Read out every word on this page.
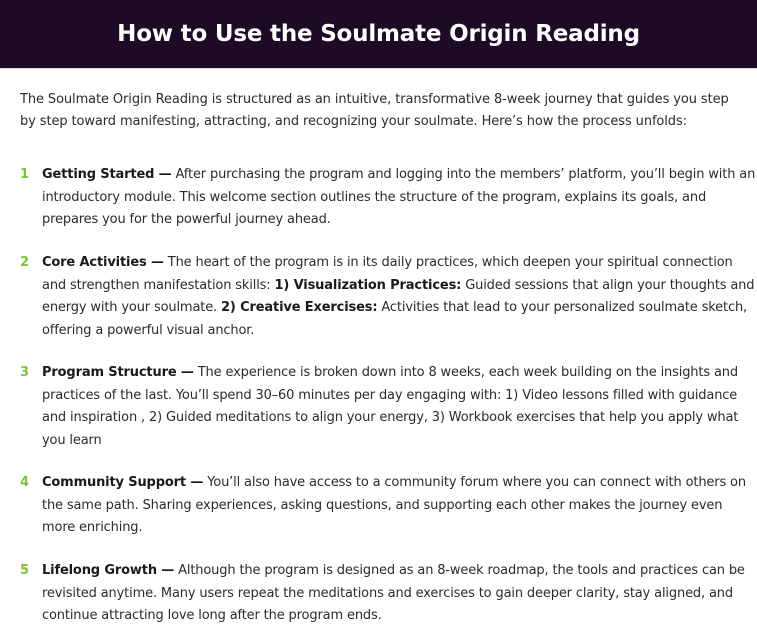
How to Use the Soulmate Origin Reading

The Soulmate Origin Reading is structured as an intuitive, transformative 8-week journey that guides you step by step toward manifesting, attracting, and recognizing your soulmate. Here’s how the process unfolds:

1 Getting Started — After purchasing the program and logging into the members’ platform, you’ll begin with an introductory module. This welcome section outlines the structure of the program, explains its goals, and prepares you for the powerful journey ahead.
2 Core Activities — The heart of the program is in its daily practices, which deepen your spiritual connection and strengthen manifestation skills: 1) Visualization Practices: Guided sessions that align your thoughts and energy with your soulmate. 2) Creative Exercises: Activities that lead to your personalized soulmate sketch, offering a powerful visual anchor.
3 Program Structure — The experience is broken down into 8 weeks, each week building on the insights and practices of the last. You’ll spend 30–60 minutes per day engaging with: 1) Video lessons filled with guidance and inspiration , 2) Guided meditations to align your energy, 3) Workbook exercises that help you apply what you learn
4 Community Support — You’ll also have access to a community forum where you can connect with others on the same path. Sharing experiences, asking questions, and supporting each other makes the journey even more enriching.
5 Lifelong Growth — Although the program is designed as an 8-week roadmap, the tools and practices can be revisited anytime. Many users repeat the meditations and exercises to gain deeper clarity, stay aligned, and continue attracting love long after the program ends.
